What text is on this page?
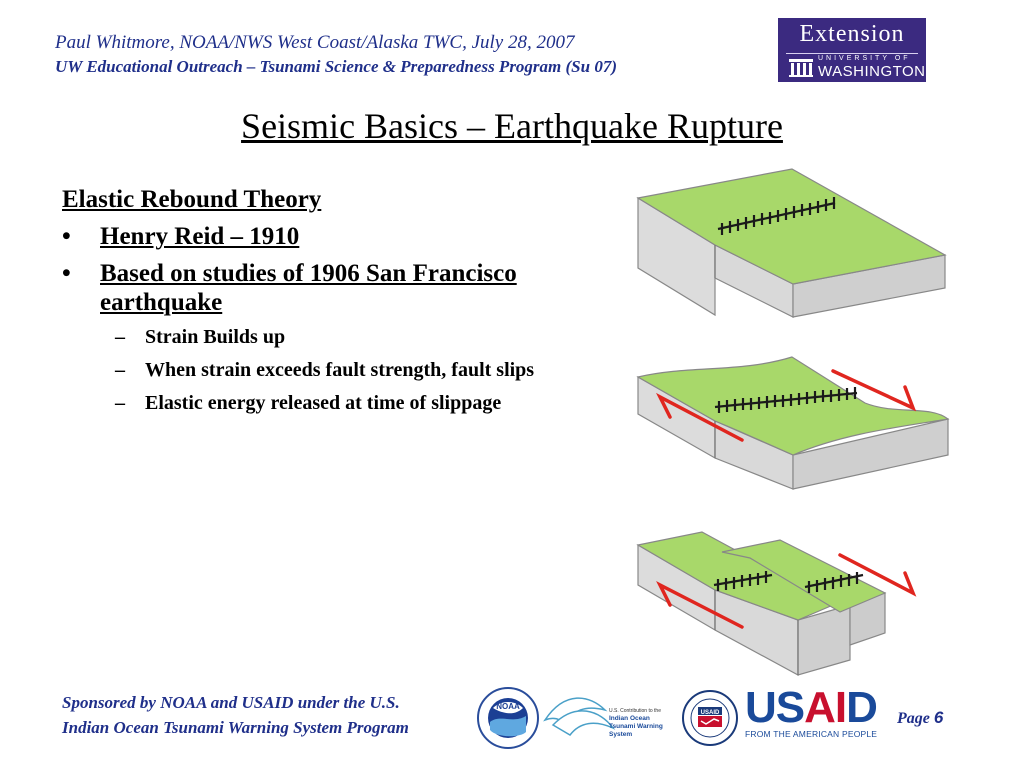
Paul Whitmore, NOAA/NWS West Coast/Alaska TWC, July 28, 2007
UW Educational Outreach – Tsunami Science & Preparedness Program (Su 07)
Extension
UNIVERSITY OF
WASHINGTON
Seismic Basics – Earthquake Rupture
Elastic Rebound Theory
• Henry Reid – 1910
• Based on studies of 1906 San Francisco earthquake
– Strain Builds up
– When strain exceeds fault strength, fault slips
– Elastic energy released at time of slippage
Sponsored by NOAA and USAID under the U.S.
Indian Ocean Tsunami Warning System Program
NOAA	U.S. Contribution to the
Indian Ocean
Tsunami Warning
System
USAID USAID
FROM THE AMERICAN PEOPLE
Page 6
